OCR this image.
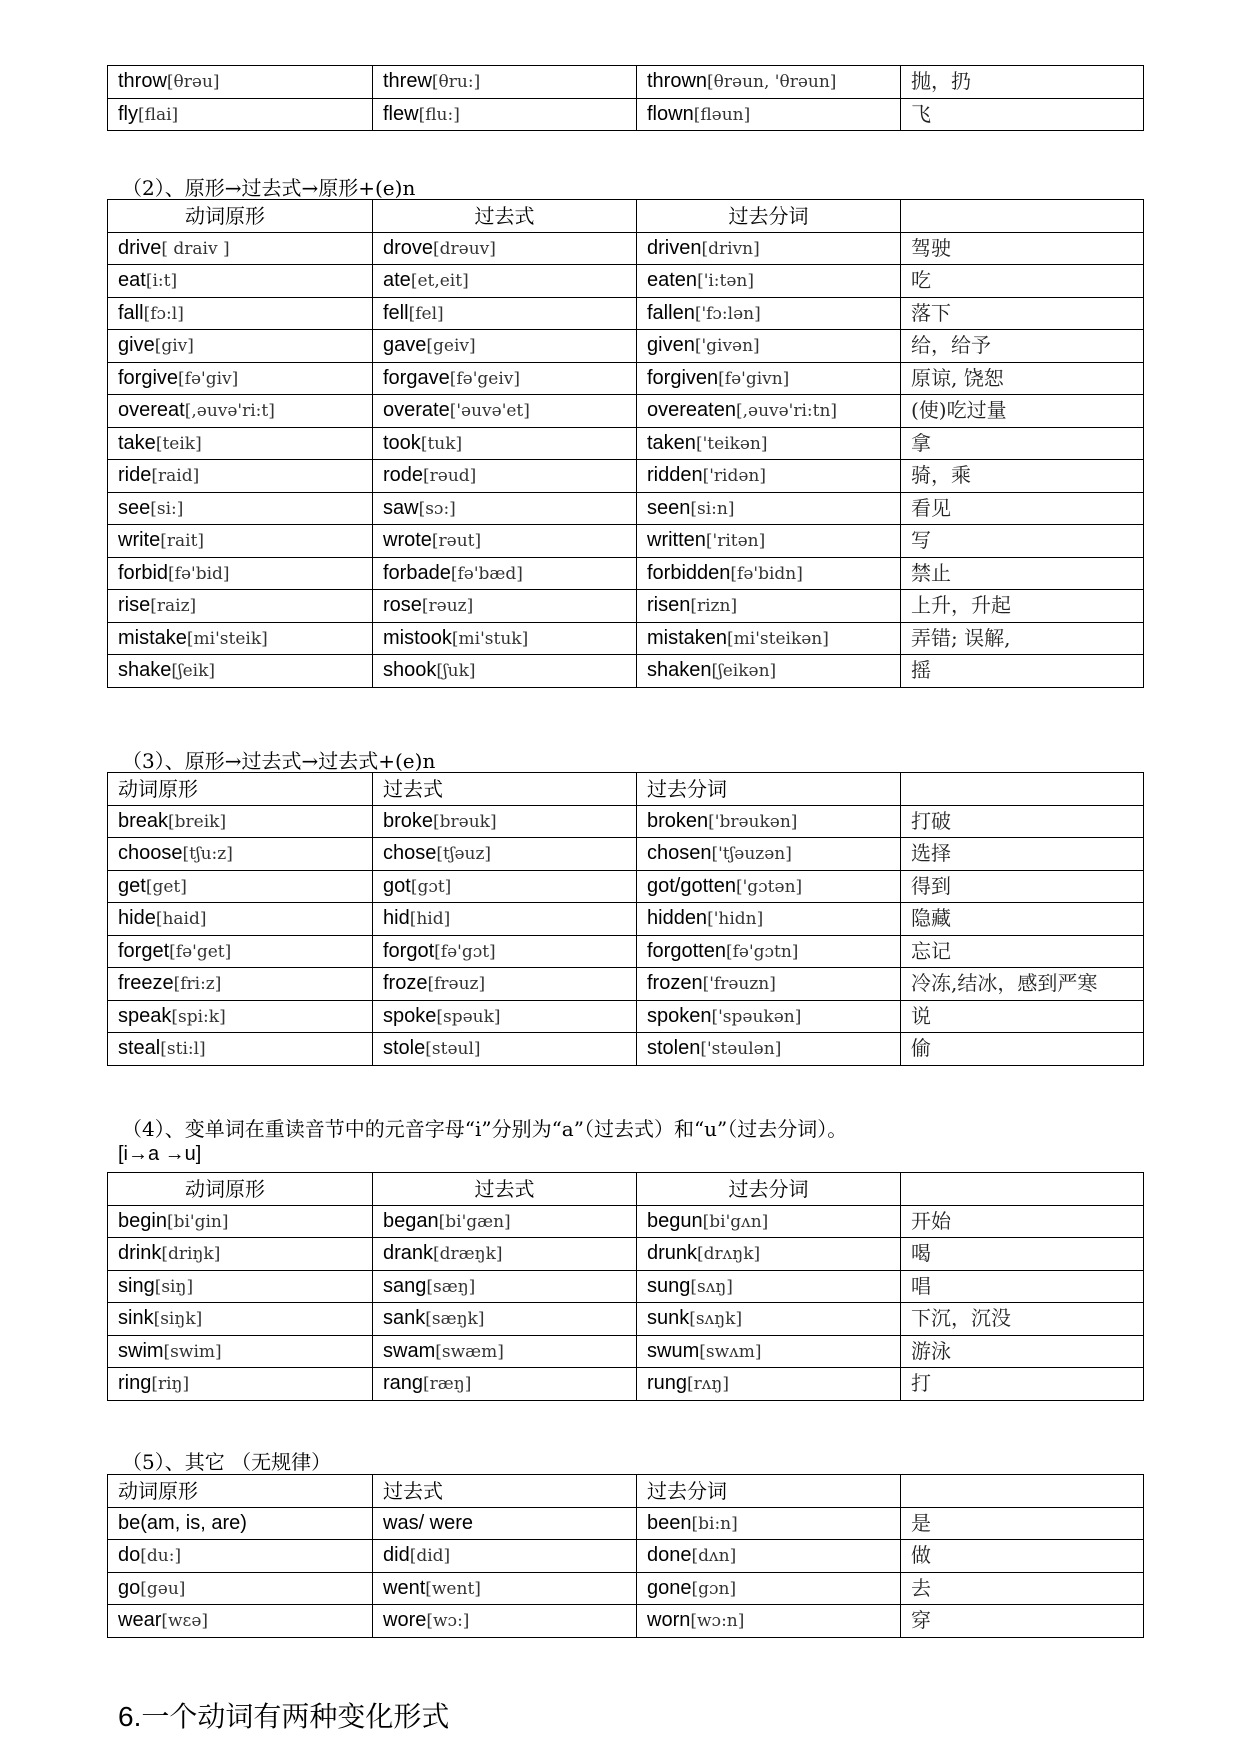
throw[θrəu]	threw[θru:]	thrown[θrəun, 'θrəun]	抛，扔
fly[flai]	flew[flu:]	flown[fləun]	飞
（2）、原形→过去式→原形+(e)n
动词原形	过去式	过去分词	
drive[ draiv ]	drove[drəuv]	driven[drivn]	驾驶
eat[i:t]	ate[et,eit]	eaten['i:tən]	吃
fall[fɔ:l]	fell[fel]	fallen['fɔ:lən]	落下
give[giv]	gave[geiv]	given['givən]	给，给予
forgive[fə'giv]	forgave[fə'geiv]	forgiven[fə'givn]	原谅, 饶恕
overeat[,əuvə'ri:t]	overate['əuvə'et]	overeaten[,əuvə'ri:tn]	(使)吃过量
take[teik]	took[tuk]	taken['teikən]	拿
ride[raid]	rode[rəud]	ridden['ridən]	骑，乘
see[si:]	saw[sɔ:]	seen[si:n]	看见
write[rait]	wrote[rəut]	written['ritən]	写
forbid[fə'bid]	forbade[fə'bæd]	forbidden[fə'bidn]	禁止
rise[raiz]	rose[rəuz]	risen[rizn]	上升，升起
mistake[mi'steik]	mistook[mi'stuk]	mistaken[mi'steikən]	弄错; 误解,
shake[ʃeik]	shook[ʃuk]	shaken[ʃeikən]	摇
（3）、原形→过去式→过去式+(e)n
动词原形	过去式	过去分词	
break[breik]	broke[brəuk]	broken['brəukən]	打破
choose[tʃu:z]	chose[tʃəuz]	chosen['tʃəuzən]	选择
get[get]	got[gɔt]	got/gotten['gɔtən]	得到
hide[haid]	hid[hid]	hidden['hidn]	隐藏
forget[fə'get]	forgot[fə'gɔt]	forgotten[fə'gɔtn]	忘记
freeze[fri:z]	froze[frəuz]	frozen['frəuzn]	冷冻,结冰，感到严寒
speak[spi:k]	spoke[spəuk]	spoken['spəukən]	说
steal[sti:l]	stole[stəul]	stolen['stəulən]	偷
（4）、变单词在重读音节中的元音字母“i”分别为“a”（过去式）和“u”（过去分词）。
[i→a →u]
动词原形	过去式	过去分词	
begin[bi'gin]	began[bi'gæn]	begun[bi'gʌn]	开始
drink[driŋk]	drank[dræŋk]	drunk[drʌŋk]	喝
sing[siŋ]	sang[sæŋ]	sung[sʌŋ]	唱
sink[siŋk]	sank[sæŋk]	sunk[sʌŋk]	下沉，沉没
swim[swim]	swam[swæm]	swum[swʌm]	游泳
ring[riŋ]	rang[ræŋ]	rung[rʌŋ]	打
（5）、其它 （无规律）
动词原形	过去式	过去分词	
be(am, is, are)	was/ were	been[bi:n]	是
do[du:]	did[did]	done[dʌn]	做
go[gəu]	went[went]	gone[gɔn]	去
wear[wɛə]	wore[wɔ:]	worn[wɔ:n]	穿
6.一个动词有两种变化形式
